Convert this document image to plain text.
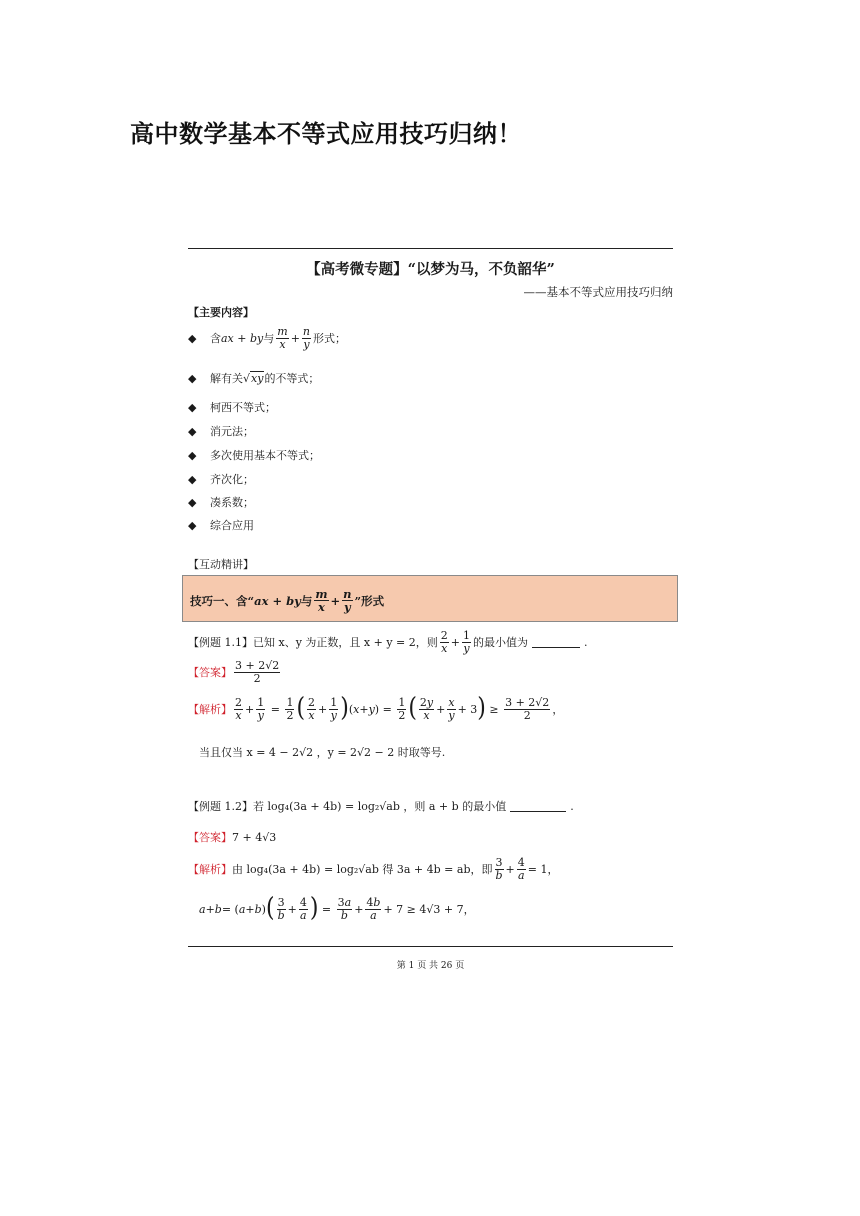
高中数学基本不等式应用技巧归纳！
【高考微专题】“以梦为马，不负韶华”
——基本不等式应用技巧归纳
【主要内容】
◆	含 ax + by 与 $\frac{m}{x} + \frac{n}{y}$ 形式；
◆	解有关 √xy 的不等式；
◆	柯西不等式；
◆	消元法；
◆	多次使用基本不等式；
◆	齐次化；
◆	凑系数；
◆	综合应用
【互动精讲】
技巧一、含“ ax + by 与 $\frac{m}{x} + \frac{n}{y}$ ”形式
【例题 1.1】 已知 x、y 为正数，且 x + y = 2，则 $\frac{2}{x} + \frac{1}{y}$ 的最小值为	.
【答案】 $\frac{3 + 2√2}{2}$
【解析】 $\frac{2}{x} + \frac{1}{y} = \frac{1}{2}$ ( $\frac{2}{x} + \frac{1}{y}$ ) ( x + y ) = $\frac{1}{2}$ ( $\frac{2y}{x} + \frac{x}{y} + 3$ ) ≥ $\frac{3 + 2√2}{2}$ ，
当且仅当 x = 4 − 2√2 ，y = 2√2 − 2 时取等号.
【例题 1.2】 若 log₄(3a + 4b) = log₂√ab ，则 a + b 的最小值	.
【答案】 7 + 4√3
【解析】 由 log₄(3a + 4b) = log₂√ab 得 3a + 4b = ab，即 $\frac{3}{b} + \frac{4}{a} = 1$，
a + b = ( a + b ) ( $\frac{3}{b} + \frac{4}{a}$ ) = $\frac{3a}{b} + \frac{4b}{a} + 7 \ge 4√3 + 7$，
第 1 页 共 26 页
